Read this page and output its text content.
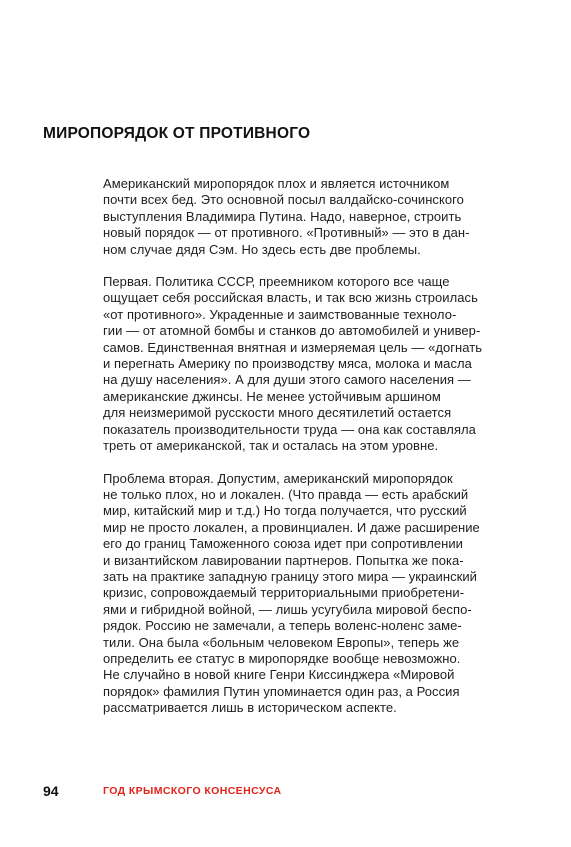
МИРОПОРЯДОК ОТ ПРОТИВНОГО

Американский миропорядок плох и является источником
почти всех бед. Это основной посыл валдайско-сочинского
выступления Владимира Путина. Надо, наверное, строить
новый порядок — от противного. «Противный» — это в дан-
ном случае дядя Сэм. Но здесь есть две проблемы.

Первая. Политика СССР, преемником которого все чаще
ощущает себя российская власть, и так всю жизнь строилась
«от противного». Украденные и заимствованные техноло-
гии — от атомной бомбы и станков до автомобилей и универ-
самов. Единственная внятная и измеряемая цель — «догнать
и перегнать Америку по производству мяса, молока и масла
на душу населения». А для души этого самого населения —
американские джинсы. Не менее устойчивым аршином
для неизмеримой русскости много десятилетий остается
показатель производительности труда — она как составляла
треть от американской, так и осталась на этом уровне.

Проблема вторая. Допустим, американский миропорядок
не только плох, но и локален. (Что правда — есть арабский
мир, китайский мир и т.д.) Но тогда получается, что русский
мир не просто локален, а провинциален. И даже расширение
его до границ Таможенного союза идет при сопротивлении
и византийском лавировании партнеров. Попытка же пока-
зать на практике западную границу этого мира — украинский
кризис, сопровождаемый территориальными приобретени-
ями и гибридной войной, — лишь усугубила мировой беспо-
рядок. Россию не замечали, а теперь воленс-ноленс заме-
тили. Она была «больным человеком Европы», теперь же
определить ее статус в миропорядке вообще невозможно.
Не случайно в новой книге Генри Киссинджера «Мировой
порядок» фамилия Путин упоминается один раз, а Россия
рассматривается лишь в историческом аспекте.

94	ГОД КРЫМСКОГО КОНСЕНСУСА
